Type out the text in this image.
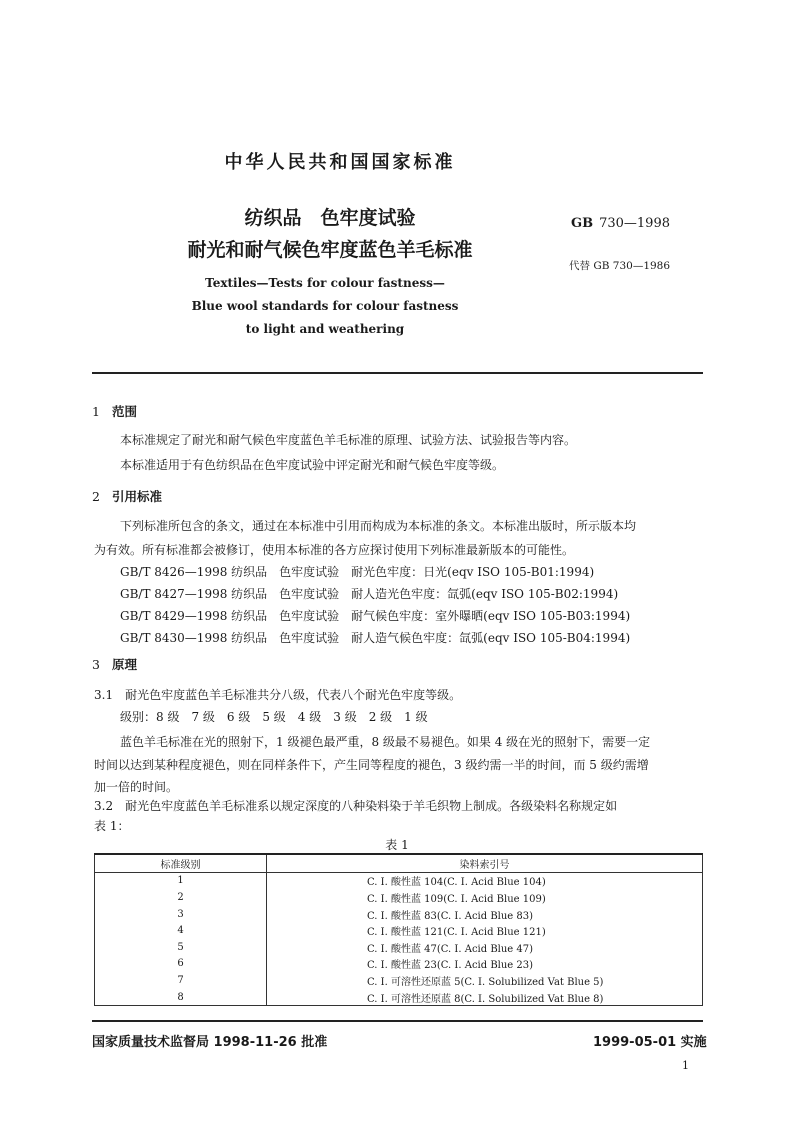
中华人民共和国国家标准
纺织品　色牢度试验
耐光和耐气候色牢度蓝色羊毛标准
GB 730—1998
代替 GB 730—1986
Textiles—Tests for colour fastness—
Blue wool standards for colour fastness
to light and weathering
1 范围
本标准规定了耐光和耐气候色牢度蓝色羊毛标准的原理、试验方法、试验报告等内容。
本标准适用于有色纺织品在色牢度试验中评定耐光和耐气候色牢度等级。
2 引用标准
下列标准所包含的条文，通过在本标准中引用而构成为本标准的条文。本标准出版时，所示版本均
为有效。所有标准都会被修订，使用本标准的各方应探讨使用下列标准最新版本的可能性。
GB/T 8426—1998 纺织品　色牢度试验　耐光色牢度：日光(eqv ISO 105-B01:1994)
GB/T 8427—1998 纺织品　色牢度试验　耐人造光色牢度：氙弧(eqv ISO 105-B02:1994)
GB/T 8429—1998 纺织品　色牢度试验　耐气候色牢度：室外曝晒(eqv ISO 105-B03:1994)
GB/T 8430—1998 纺织品　色牢度试验　耐人造气候色牢度：氙弧(eqv ISO 105-B04:1994)
3 原理
3.1　耐光色牢度蓝色羊毛标准共分八级，代表八个耐光色牢度等级。
级别：8 级　7 级　6 级　5 级　4 级　3 级　2 级　1 级
蓝色羊毛标准在光的照射下，1 级褪色最严重，8 级最不易褪色。如果 4 级在光的照射下，需要一定
时间以达到某种程度褪色，则在同样条件下，产生同等程度的褪色，3 级约需一半的时间，而 5 级约需增
加一倍的时间。
3.2　耐光色牢度蓝色羊毛标准系以规定深度的八种染料染于羊毛织物上制成。各级染料名称规定如
表 1：
表 1
标准级别	染料索引号
1	C. I. 酸性蓝 104(C. I. Acid Blue 104)
2	C. I. 酸性蓝 109(C. I. Acid Blue 109)
3	C. I. 酸性蓝 83(C. I. Acid Blue 83)
4	C. I. 酸性蓝 121(C. I. Acid Blue 121)
5	C. I. 酸性蓝 47(C. I. Acid Blue 47)
6	C. I. 酸性蓝 23(C. I. Acid Blue 23)
7	C. I. 可溶性还原蓝 5(C. I. Solubilized Vat Blue 5)
8	C. I. 可溶性还原蓝 8(C. I. Solubilized Vat Blue 8)
国家质量技术监督局 1998-11-26 批准	1999-05-01 实施
1
